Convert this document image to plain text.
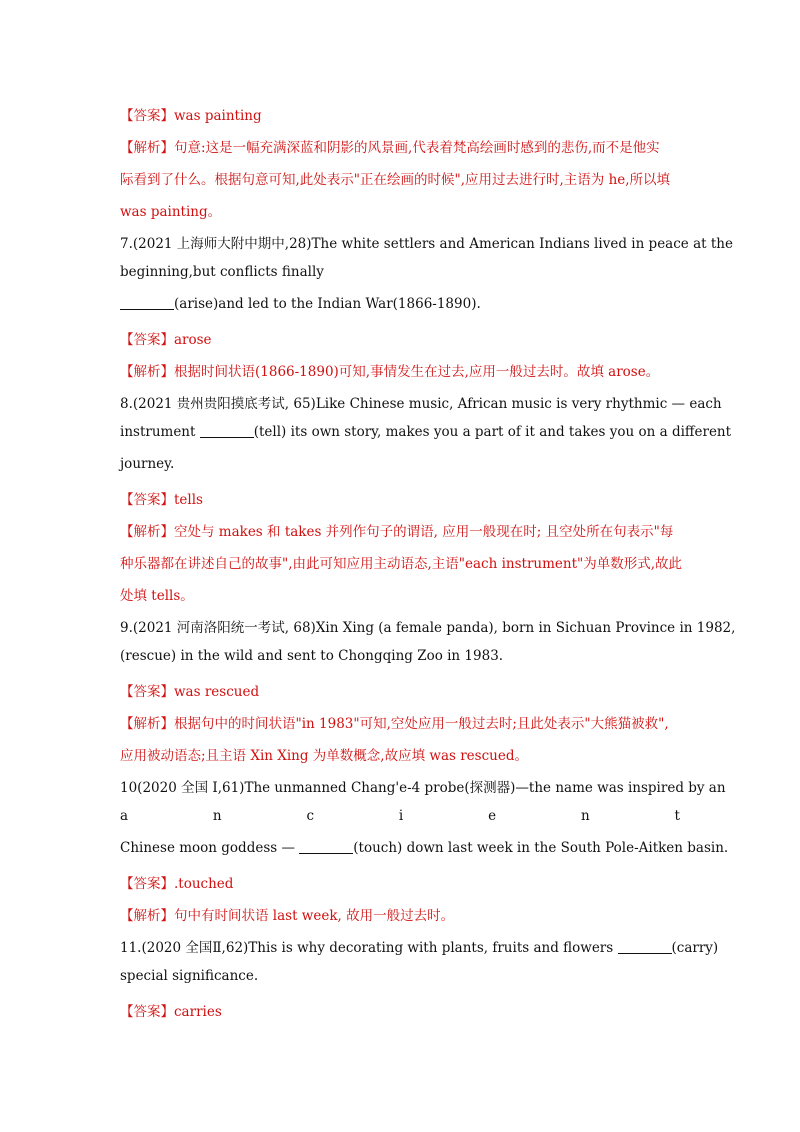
【答案】was painting
【解析】 句意:这是一幅充满深蓝和阴影的风景画,代表着梵高绘画时感到的悲伤,而不是他实
际看到了什么。根据句意可知,此处表示"正在绘画的时候",应用过去进行时,主语为 he,所以填
was painting。
7.(2021 上海师大附中期中,28)The white settlers and American Indians lived in peace at the
beginning,but conflicts finally
(arise)and led to the Indian War(1866-1890).
【答案】arose
【解析】根据时间状语(1866-1890)可知,事情发生在过去,应用一般过去时。故填 arose。
8.(2021 贵州贵阳摸底考试, 65)Like Chinese music, African music is very rhythmic — each
instrument	(tell) its own story, makes you a part of it and takes you on a different
journey.
【答案】tells
【解析】空处与 makes 和 takes 并列作句子的谓语, 应用一般现在时; 且空处所在句表示"每
种乐器都在讲述自己的故事",由此可知应用主动语态,主语"each instrument"为单数形式,故此
处填 tells。
9.(2021 河南洛阳统一考试, 68)Xin Xing (a female panda), born in Sichuan Province in 1982,
(rescue) in the wild and sent to Chongqing Zoo in 1983.
【答案】was rescued
【解析】根据句中的时间状语"in 1983"可知,空处应用一般过去时;且此处表示"大熊猫被救",
应用被动语态;且主语 Xin Xing 为单数概念,故应填 was rescued。
10(2020 全国 I,61)The unmanned Chang'e-4 probe(探测器)—the name was inspired by an
a	n	c	i	e	n	t
Chinese moon goddess —	(touch) down last week in the South Pole-Aitken basin.
【答案】.touched
【解析】句中有时间状语 last week, 故用一般过去时。
11.(2020 全国Ⅱ,62)This is why decorating with plants, fruits and flowers	(carry)
special significance.
【答案】carries
